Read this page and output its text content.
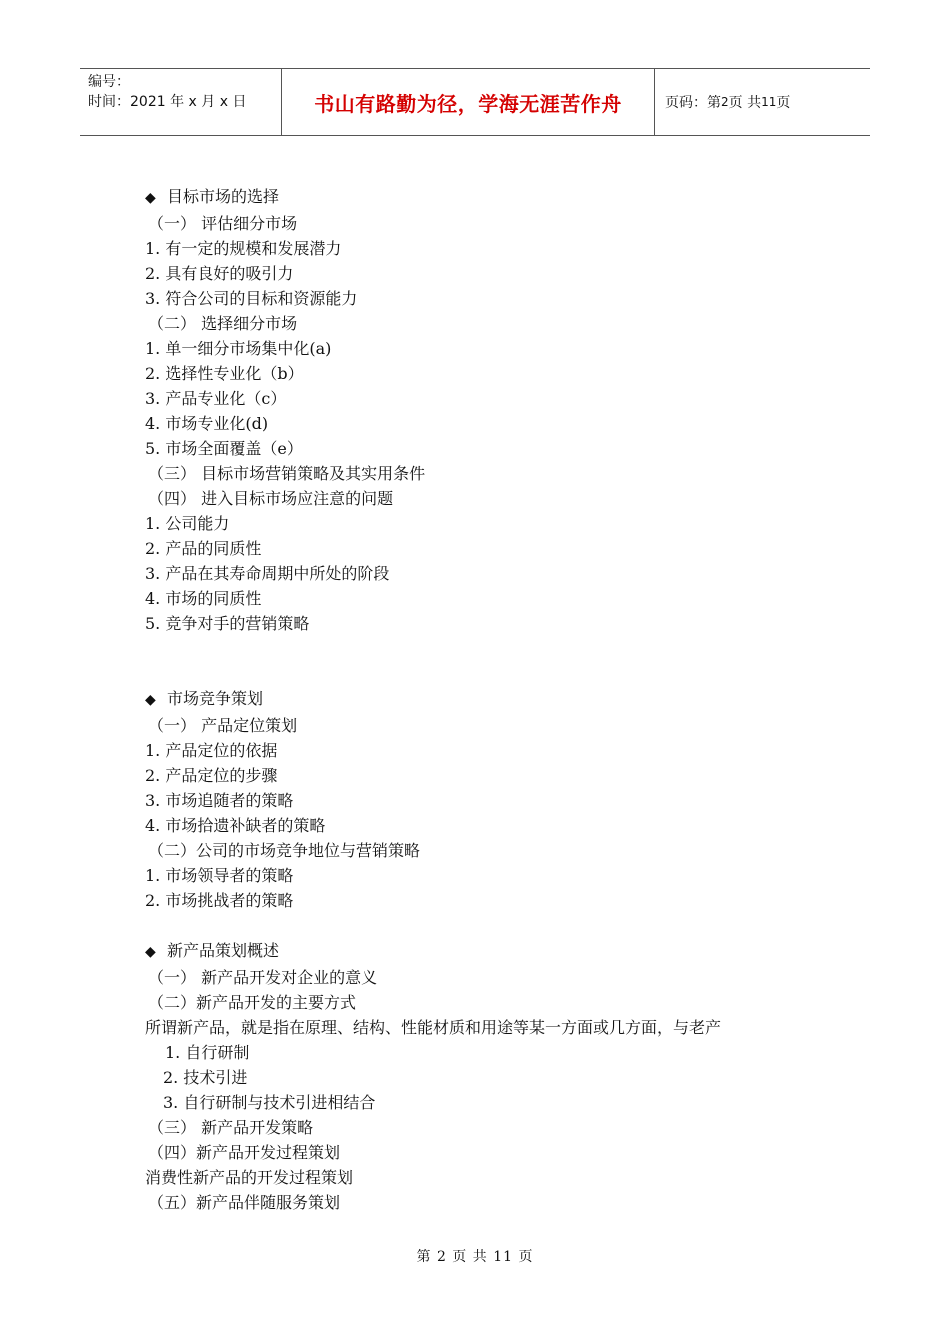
编号：
时间：2021 年 x 月 x 日	书山有路勤为径，学海无涯苦作舟	页码：第 2 页 共 11 页
◆ 目标市场的选择
（一） 评估细分市场
1. 有一定的规模和发展潜力
2. 具有良好的吸引力
3. 符合公司的目标和资源能力
（二） 选择细分市场
1. 单一细分市场集中化(a)
2. 选择性专业化（b）
3. 产品专业化（c）
4. 市场专业化(d)
5. 市场全面覆盖（e）
（三） 目标市场营销策略及其实用条件
（四） 进入目标市场应注意的问题
1. 公司能力
2. 产品的同质性
3. 产品在其寿命周期中所处的阶段
4. 市场的同质性
5. 竞争对手的营销策略
◆ 市场竞争策划
（一） 产品定位策划
1. 产品定位的依据
2. 产品定位的步骤
3. 市场追随者的策略
4. 市场拾遗补缺者的策略
（二）公司的市场竞争地位与营销策略
1. 市场领导者的策略
2. 市场挑战者的策略
◆ 新产品策划概述
（一） 新产品开发对企业的意义
（二）新产品开发的主要方式
所谓新产品，就是指在原理、结构、性能材质和用途等某一方面或几方面，与老产
1. 自行研制
2. 技术引进
3. 自行研制与技术引进相结合
（三） 新产品开发策略
（四）新产品开发过程策划
消费性新产品的开发过程策划
（五）新产品伴随服务策划
第 2 页 共 11 页
